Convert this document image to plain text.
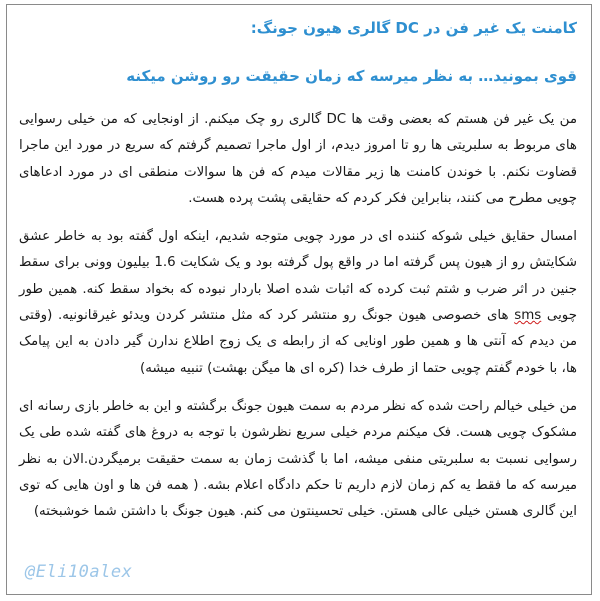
کامنت یک غیر فن در DC گالری هیون جونگ:

قوی بمونید… به نظر میرسه که زمان حقیقت رو روشن میکنه

من یک غیر فن هستم که بعضی وقت ها DC گالری رو چک میکنم. از اونجایی که من خیلی رسوایی های مربوط به سلبریتی ها رو تا امروز دیدم، از اول ماجرا تصمیم گرفتم که سریع در مورد این ماجرا قضاوت نکنم. با خوندن کامنت ها زیر مقالات میدم که فن ها سوالات منطقی ای در مورد ادعاهای چویی مطرح می کنند، بنابراین فکر کردم که حقایقی پشت پرده هست.

امسال حقایق خیلی شوکه کننده ای در مورد چویی متوجه شدیم، اینکه اول گفته بود به خاطر عشق شکایتش رو از هیون پس گرفته اما در واقع پول گرفته بود و یک شکایت 1.6 بیلیون وونی برای سقط جنین در اثر ضرب و شتم ثبت کرده که اثبات شده اصلا باردار نبوده که بخواد سقط کنه. همین طور چویی sms های خصوصی هیون جونگ رو منتشر کرد که مثل منتشر کردن ویدئو غیرقانونیه. (وقتی من دیدم که آنتی ها و همین طور اونایی که از رابطه ی یک زوج اطلاع ندارن گیر دادن به این پیامک ها، با خودم گفتم چویی حتما از طرف خدا (کره ای ها میگن بهشت) تنبیه میشه)

من خیلی خیالم راحت شده که نظر مردم به سمت هیون جونگ برگشته و این به خاطر بازی رسانه ای مشکوک چویی هست. فک میکنم مردم خیلی سریع نظرشون با توجه به دروغ های گفته شده طی یک رسوایی نسبت به سلبریتی منفی میشه، اما با گذشت زمان به سمت حقیقت برمیگردن.الان به نظر میرسه که ما فقط یه کم زمان لازم داریم تا حکم دادگاه اعلام بشه. ( همه فن ها و اون هایی که توی این گالری هستن خیلی عالی هستن. خیلی تحسینتون می کنم. هیون جونگ با داشتن شما خوشبخته)

@Eli10alex
